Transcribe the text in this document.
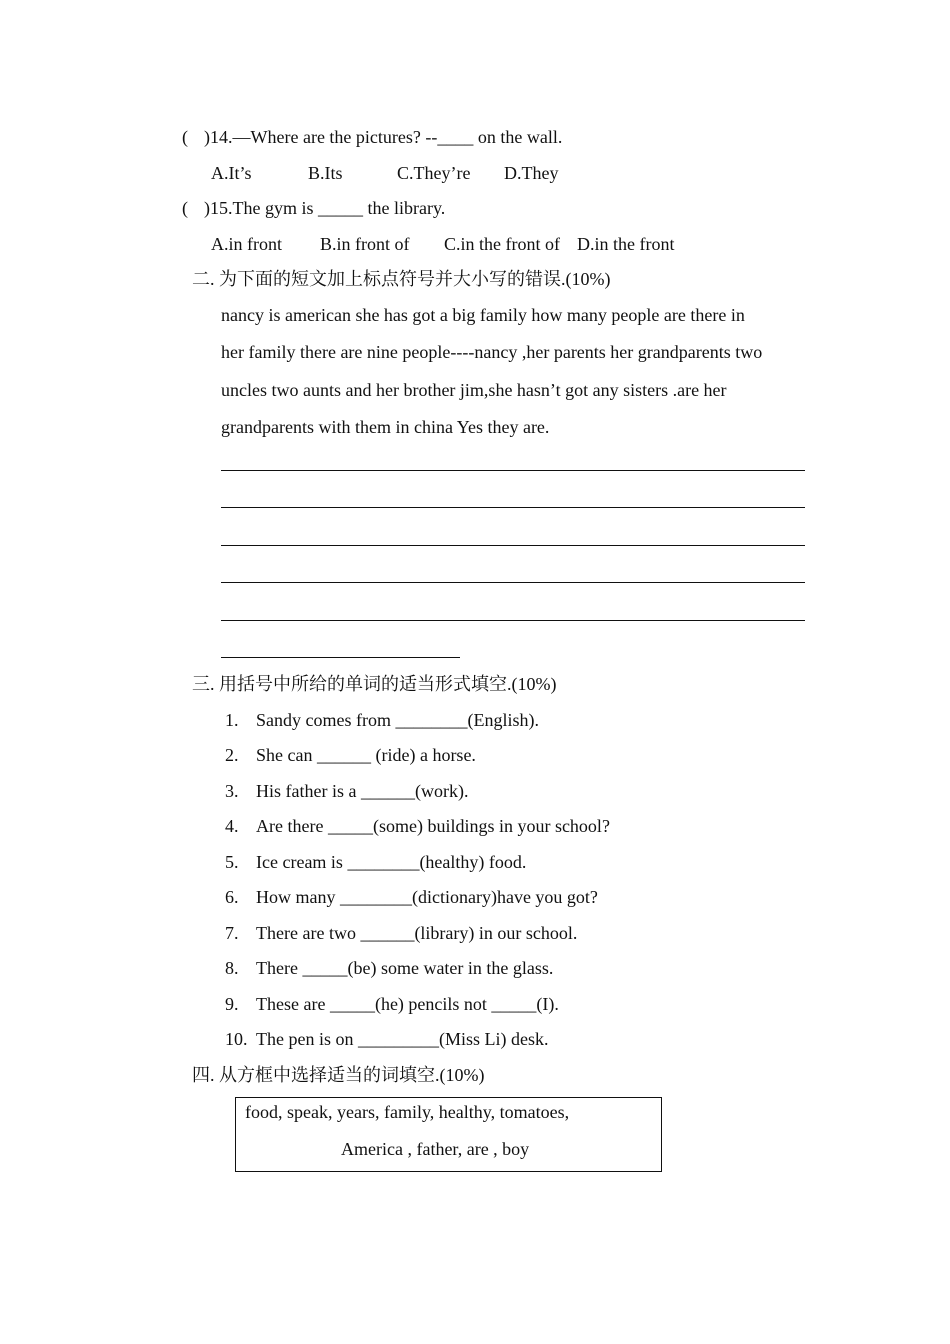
( )14.—Where are the pictures? --____ on the wall.
A.It’s	B.Its	C.They’re D.They
( )15.The gym is _____ the library.
A.in front B.in front of C.in the front of D.in the front
二. 为下面的短文加上标点符号并大小写的错误.(10%)
nancy is american she has got a big family how many people are there in
her family there are nine people----nancy ,her parents her grandparents two
uncles two aunts and her brother jim,she hasn’t got any sisters .are her
grandparents with them in china Yes they are.
三. 用括号中所给的单词的适当形式填空.(10%)
1. Sandy comes from ________(English).
2. She can ______ (ride) a horse.
3. His father is a ______(work).
4. Are there _____(some) buildings in your school?
5. Ice cream is ________(healthy) food.
6. How many ________(dictionary)have you got?
7. There are two ______(library) in our school.
8. There _____(be) some water in the glass.
9. These are _____(he) pencils not _____(I).
10. The pen is on _________(Miss Li) desk.
四. 从方框中选择适当的词填空.(10%)
food, speak, years, family, healthy, tomatoes,
America , father, are , boy
